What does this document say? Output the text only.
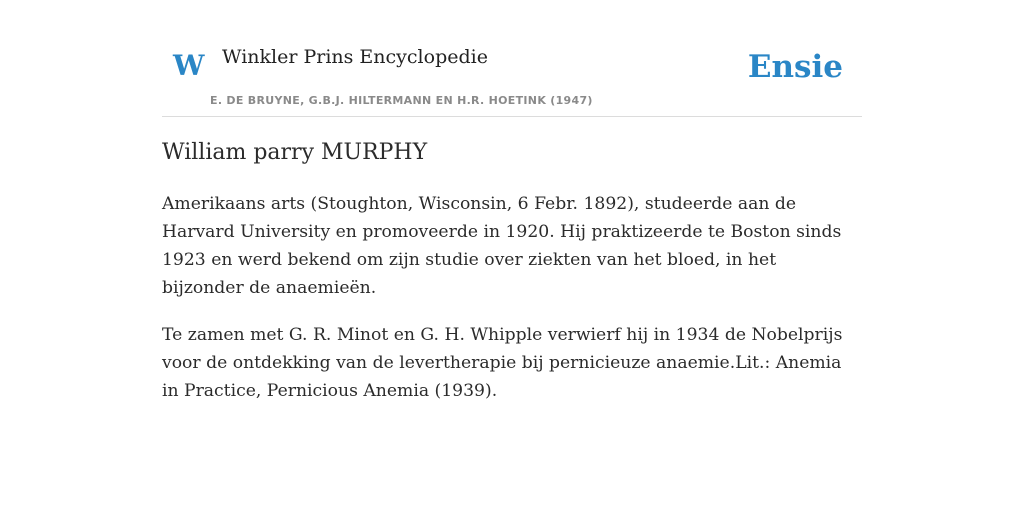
W Winkler Prins Encyclopedie
E. DE BRUYNE, G.B.J. HILTERMANN EN H.R. HOETINK (1947)
Ensie
William parry MURPHY

Amerikaans arts (Stoughton, Wisconsin, 6 Febr. 1892), studeerde aan de Harvard University en promoveerde in 1920. Hij praktizeerde te Boston sinds 1923 en werd bekend om zijn studie over ziekten van het bloed, in het bijzonder de anaemieën.

Te zamen met G. R. Minot en G. H. Whipple verwierf hij in 1934 de Nobelprijs voor de ontdekking van de levertherapie bij pernicieuze anaemie.Lit.: Anemia in Practice, Pernicious Anemia (1939).
